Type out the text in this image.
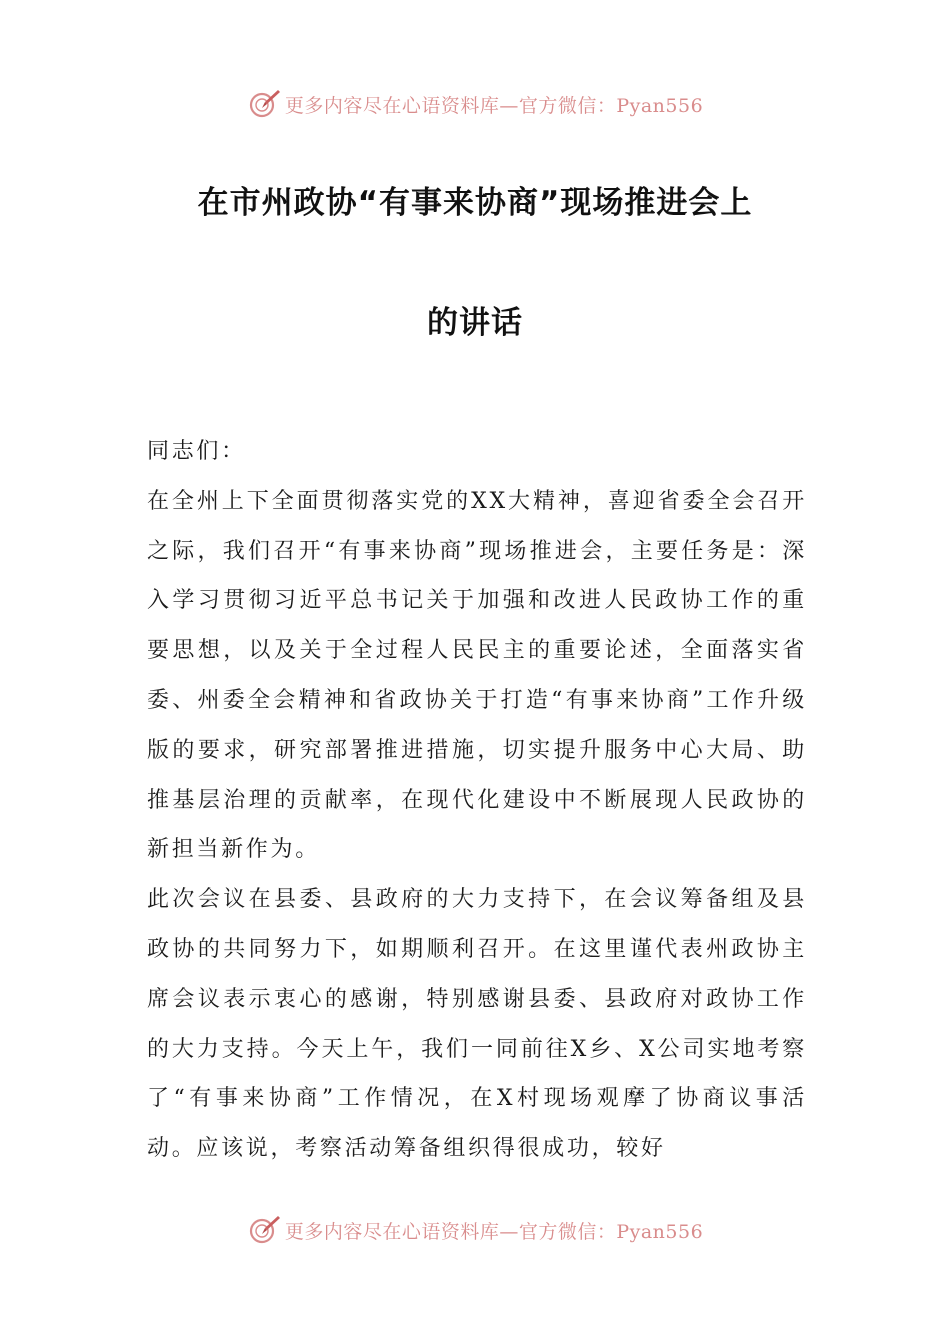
更多内容尽在心语资料库—官方微信：Pyan556
在市州政协“有事来协商”现场推进会上
的讲话

同志们：

在全州上下全面贯彻落实党的XX大精神，喜迎省委全会召开之际，我们召开“有事来协商”现场推进会，主要任务是：深入学习贯彻习近平总书记关于加强和改进人民政协工作的重要思想，以及关于全过程人民民主的重要论述，全面落实省委、州委全会精神和省政协关于打造“有事来协商”工作升级版的要求，研究部署推进措施，切实提升服务中心大局、助推基层治理的贡献率，在现代化建设中不断展现人民政协的新担当新作为。

此次会议在县委、县政府的大力支持下，在会议筹备组及县政协的共同努力下，如期顺利召开。在这里谨代表州政协主席会议表示衷心的感谢，特别感谢县委、县政府对政协工作的大力支持。今天上午，我们一同前往X乡、X公司实地考察了“有事来协商”工作情况，在X村现场观摩了协商议事活动。应该说，考察活动筹备组织得很成功，较好

更多内容尽在心语资料库—官方微信：Pyan556
